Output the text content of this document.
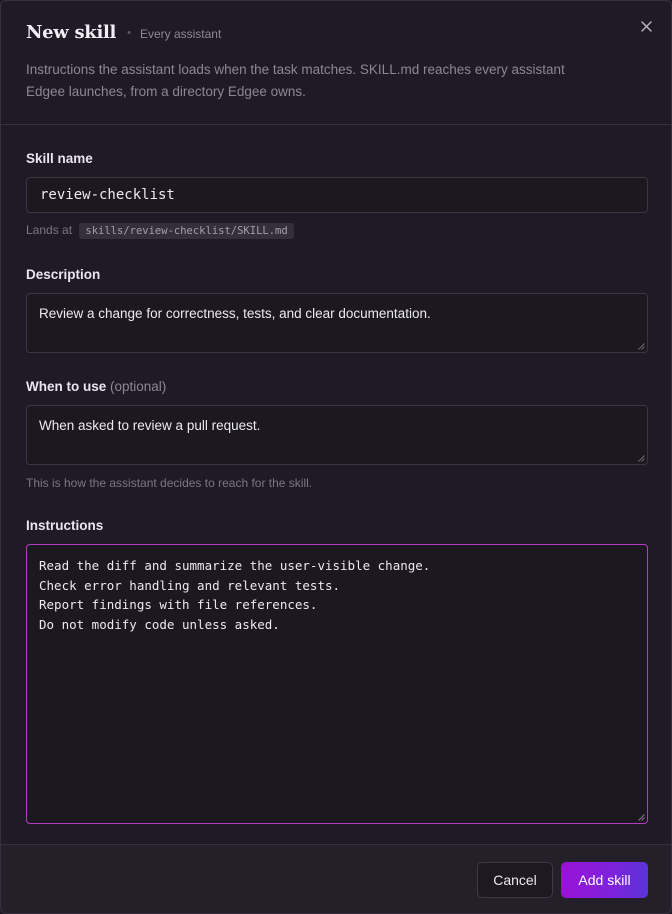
New skill • Every assistant
Instructions the assistant loads when the task matches. SKILL.md reaches every assistant Edgee launches, from a directory Edgee owns.
Skill name
review-checklist
Lands at skills/review-checklist/SKILL.md
Description
Review a change for correctness, tests, and clear documentation.
When to use (optional)
When asked to review a pull request.
This is how the assistant decides to reach for the skill.
Instructions
Read the diff and summarize the user-visible change.
Check error handling and relevant tests.
Report findings with file references.
Do not modify code unless asked.
Cancel	Add skill
